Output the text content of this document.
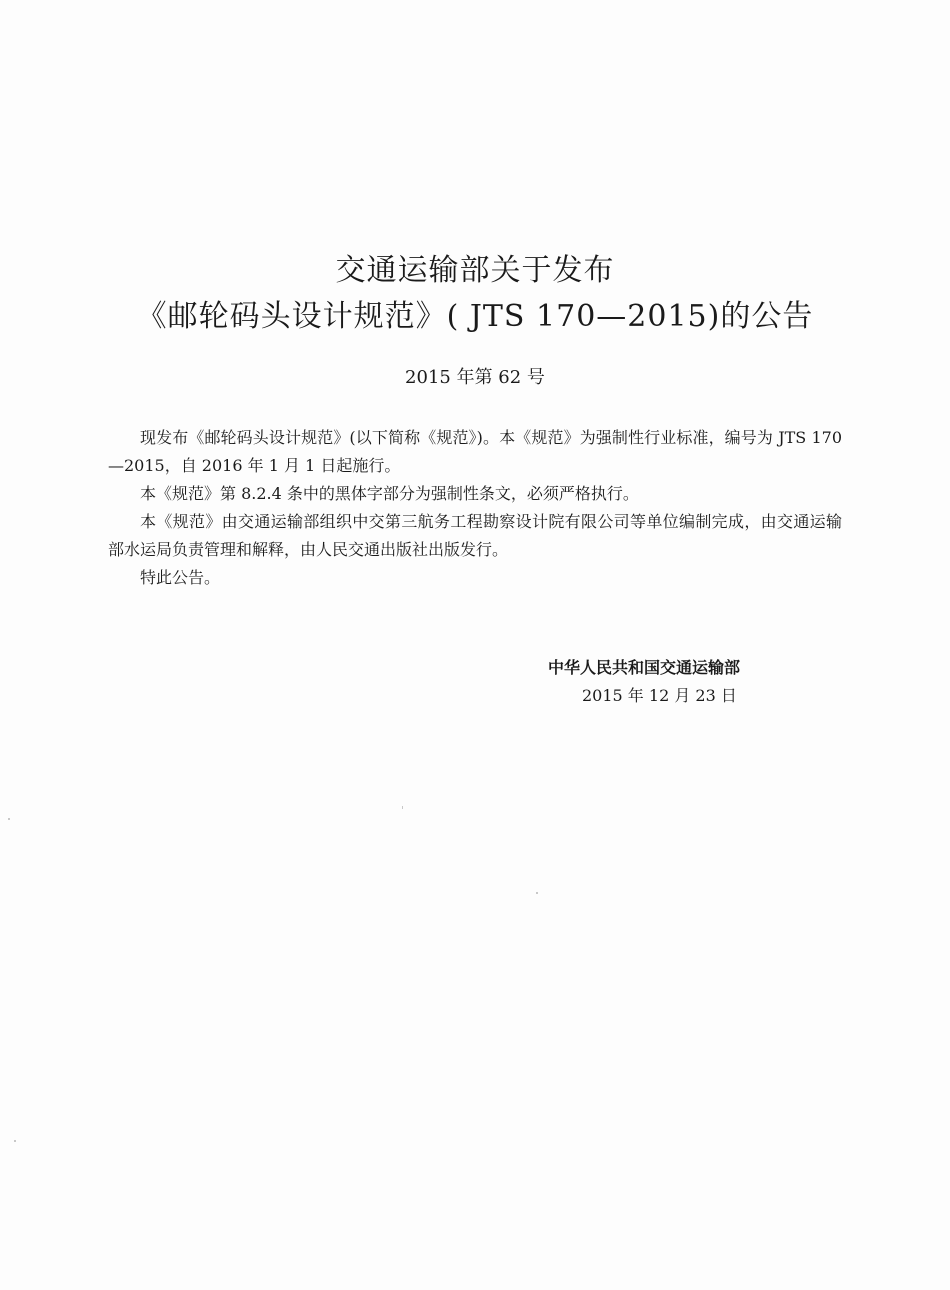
交通运输部关于发布
《邮轮码头设计规范》( JTS 170—2015)的公告
2015 年第 62 号

现发布《邮轮码头设计规范》(以下简称《规范》)。本《规范》为强制性行业标准，编号为 JTS 170—2015，自 2016 年 1 月 1 日起施行。

本《规范》第 8.2.4 条中的黑体字部分为强制性条文，必须严格执行。

本《规范》由交通运输部组织中交第三航务工程勘察设计院有限公司等单位编制完成，由交通运输部水运局负责管理和解释，由人民交通出版社出版发行。

特此公告。

中华人民共和国交通运输部
2015 年 12 月 23 日
